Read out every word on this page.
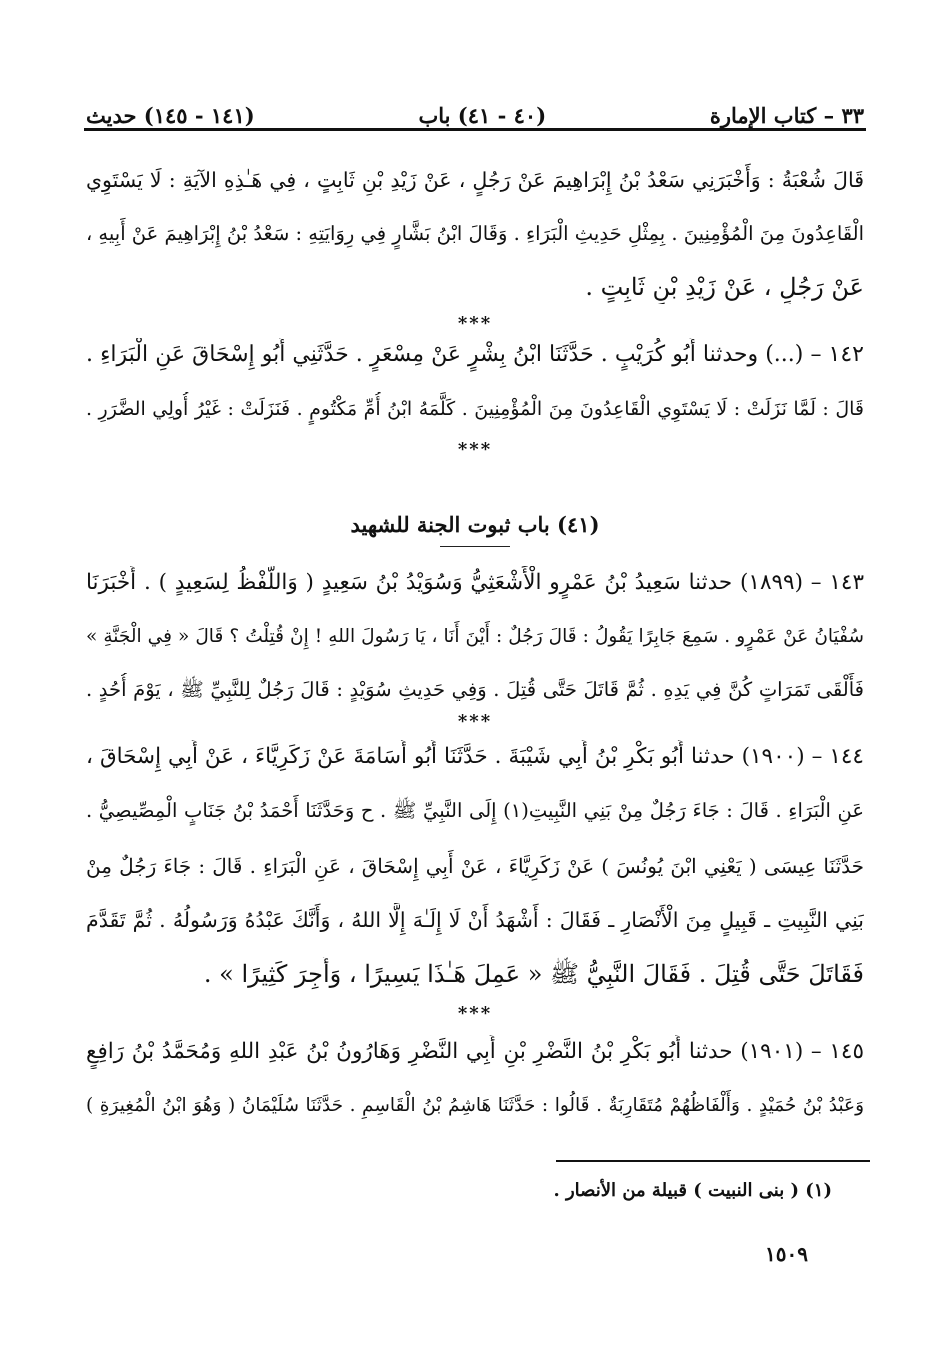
٣٣ – كتاب الإمارة
(٤٠ - ٤١) باب
(١٤١ - ١٤٥) حديث
قَالَ شُعْبَةُ : وَأَخْبَرَنِي سَعْدُ بْنُ إِبْرَاهِيمَ عَنْ رَجُلٍ ، عَنْ زَيْدِ بْنِ ثَابِتٍ ، فِي هَـٰذِهِ الآيَةِ : لَا يَسْتَوِي
الْقَاعِدُونَ مِنَ الْمُؤْمِنِينَ . بِمِثْلِ حَدِيثِ الْبَرَاءِ . وَقَالَ ابْنُ بَشَّارٍ فِي رِوَايَتِهِ : سَعْدُ بْنُ إِبْرَاهِيمَ عَنْ أَبِيهِ ،
عَنْ رَجُلٍ ، عَنْ زَيْدِ بْنِ ثَابِتٍ .
***
١٤٢ – (...) وحدثنا أَبُو كُرَيْبٍ . حَدَّثَنَا ابْنُ بِشْرٍ عَنْ مِسْعَرٍ . حَدَّثَنِي أَبُو إِسْحَاقَ عَنِ الْبَرَاءِ .
قَالَ : لَمَّا نَزَلَتْ : لَا يَسْتَوِي الْقَاعِدُونَ مِنَ الْمُؤْمِنِينَ . كَلَّمَهُ ابْنُ أُمِّ مَكْتُومٍ . فَنَزَلَتْ : غَيْرُ أُولِي الضَّرَرِ .
***
(٤١) باب ثبوت الجنة للشهيد
١٤٣ – (١٨٩٩) حدثنا سَعِيدُ بْنُ عَمْرٍو الْأَشْعَثِيُّ وَسُوَيْدُ بْنُ سَعِيدٍ ( وَاللَّفْظُ لِسَعِيدٍ ) . أَخْبَرَنَا
سُفْيَانُ عَنْ عَمْرٍو . سَمِعَ جَابِرًا يَقُولُ : قَالَ رَجُلٌ : أَيْنَ أَنَا ، يَا رَسُولَ اللهِ ! إِنْ قُتِلْتُ ؟ قَالَ « فِي الْجَنَّةِ »
فَأَلْقَى تَمَرَاتٍ كُنَّ فِي يَدِهِ . ثُمَّ قَاتَلَ حَتَّى قُتِلَ . وَفِي حَدِيثِ سُوَيْدٍ : قَالَ رَجُلٌ لِلنَّبِيِّ ﷺ ، يَوْمَ أُحُدٍ .
***
١٤٤ – (١٩٠٠) حدثنا أَبُو بَكْرِ بْنُ أَبِي شَيْبَةَ . حَدَّثَنَا أَبُو أُسَامَةَ عَنْ زَكَرِيَّاءَ ، عَنْ أَبِي إِسْحَاقَ ،
عَنِ الْبَرَاءِ . قَالَ : جَاءَ رَجُلٌ مِنْ بَنِي النَّبِيتِ(١) إِلَى النَّبِيِّ ﷺ . ح وَحَدَّثَنَا أَحْمَدُ بْنُ جَنَابٍ الْمِصِّيصِيُّ .
حَدَّثَنَا عِيسَى ( يَعْنِي ابْنَ يُونُسَ ) عَنْ زَكَرِيَّاءَ ، عَنْ أَبِي إِسْحَاقَ ، عَنِ الْبَرَاءِ . قَالَ : جَاءَ رَجُلٌ مِنْ
بَنِي النَّبِيتِ ـ قَبِيلٍ مِنَ الْأَنْصَارِ ـ فَقَالَ : أَشْهَدُ أَنْ لَا إِلَـٰهَ إِلَّا اللهُ ، وَأَنَّكَ عَبْدُهُ وَرَسُولُهُ . ثُمَّ تَقَدَّمَ
فَقَاتَلَ حَتَّى قُتِلَ . فَقَالَ النَّبِيُّ ﷺ « عَمِلَ هَـٰذَا يَسِيرًا ، وَأُجِرَ كَثِيرًا » .
***
١٤٥ – (١٩٠١) حدثنا أَبُو بَكْرِ بْنُ النَّضْرِ بْنِ أَبِي النَّضْرِ وَهَارُونُ بْنُ عَبْدِ اللهِ وَمُحَمَّدُ بْنُ رَافِعٍ
وَعَبْدُ بْنُ حُمَيْدٍ . وَأَلْفَاظُهُمْ مُتَقَارِبَةٌ . قَالُوا : حَدَّثَنَا هَاشِمُ بْنُ الْقَاسِمِ . حَدَّثَنَا سُلَيْمَانُ ( وَهُوَ ابْنُ الْمُغِيرَةِ )
(١) ( بنى النبيت ) قبيلة من الأنصار .
١٥٠٩
